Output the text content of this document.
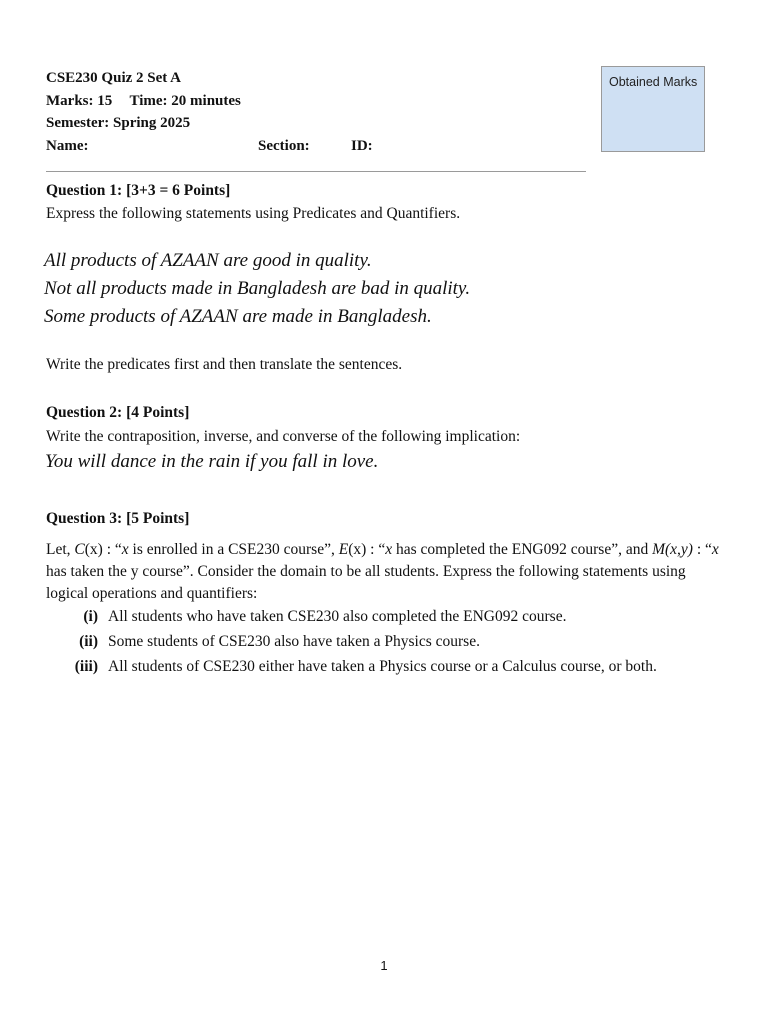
CSE230 Quiz 2 Set A
Marks: 15 Time: 20 minutes
Semester: Spring 2025
Name:	Section:	ID:
Obtained Marks
Question 1: [3+3 = 6 Points]
Express the following statements using Predicates and Quantifiers.
All products of AZAAN are good in quality.
Not all products made in Bangladesh are bad in quality.
Some products of AZAAN are made in Bangladesh.
Write the predicates first and then translate the sentences.
Question 2: [4 Points]
Write the contraposition, inverse, and converse of the following implication:
You will dance in the rain if you fall in love.
Question 3: [5 Points]
Let, C(x) : “x is enrolled in a CSE230 course”, E(x) : “x has completed the ENG092 course”, and M(x,y) : “x has taken the y course”. Consider the domain to be all students. Express the following statements using logical operations and quantifiers:
(i) All students who have taken CSE230 also completed the ENG092 course.
(ii) Some students of CSE230 also have taken a Physics course.
(iii) All students of CSE230 either have taken a Physics course or a Calculus course, or both.
1
